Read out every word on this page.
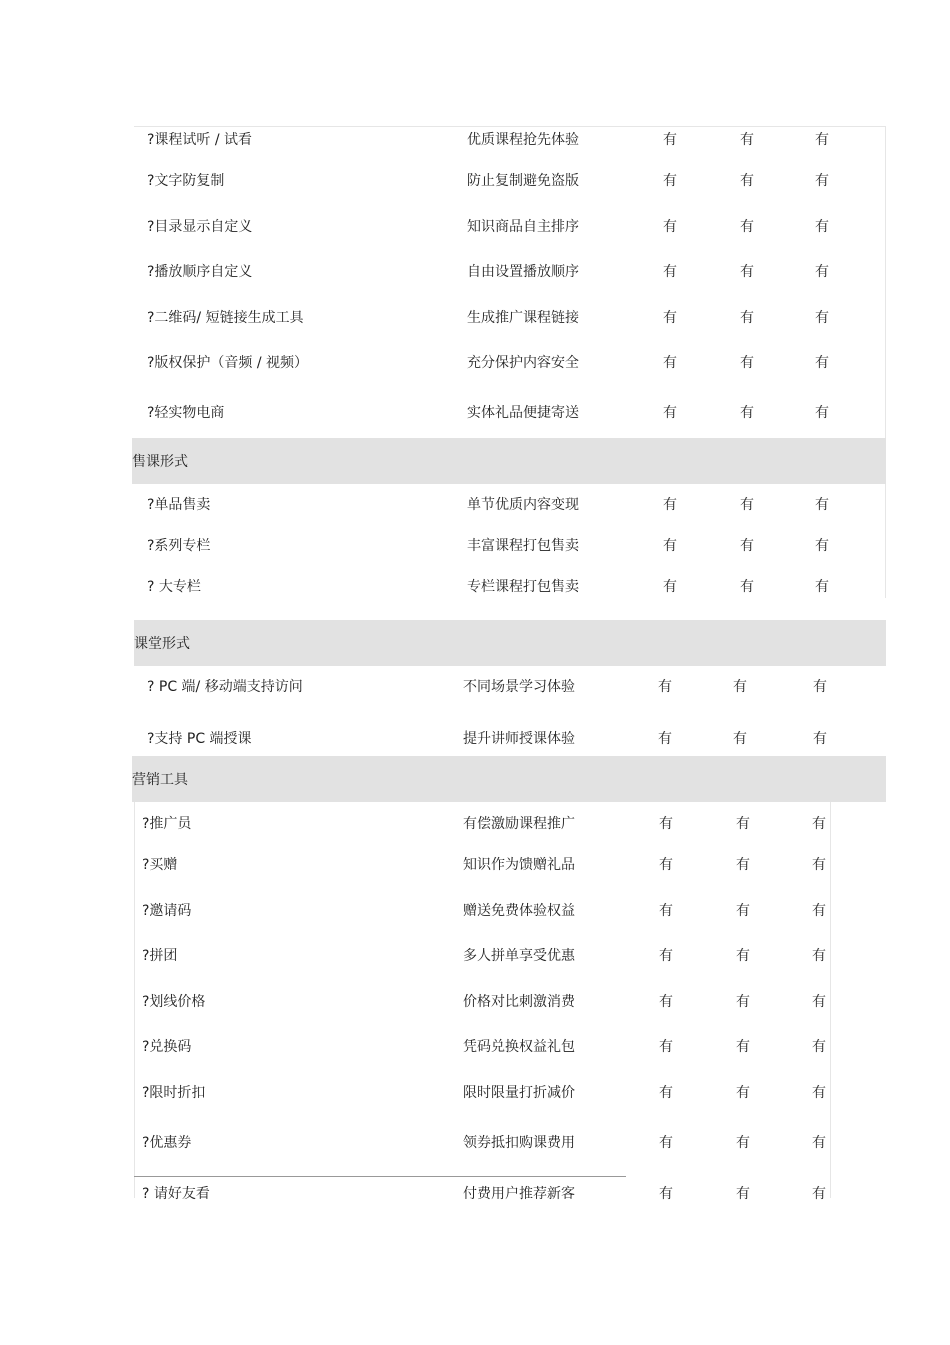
?课程试听 / 试看	优质课程抢先体验	有	有	有
?文字防复制	防止复制避免盗版	有	有	有
?目录显示自定义	知识商品自主排序	有	有	有
?播放顺序自定义	自由设置播放顺序	有	有	有
?二维码/ 短链接生成工具	生成推广课程链接	有	有	有
?版权保护（音频 / 视频）	充分保护内容安全	有	有	有
?轻实物电商	实体礼品便捷寄送	有	有	有
售课形式
?单品售卖	单节优质内容变现	有	有	有
?系列专栏	丰富课程打包售卖	有	有	有
? 大专栏	专栏课程打包售卖	有	有	有
课堂形式
? PC 端/ 移动端支持访问	不同场景学习体验	有	有	有
?支持 PC 端授课	提升讲师授课体验	有	有	有
营销工具
?推广员	有偿激励课程推广	有	有	有
?买赠	知识作为馈赠礼品	有	有	有
?邀请码	赠送免费体验权益	有	有	有
?拼团	多人拼单享受优惠	有	有	有
?划线价格	价格对比刺激消费	有	有	有
?兑换码	凭码兑换权益礼包	有	有	有
?限时折扣	限时限量打折减价	有	有	有
?优惠券	领券抵扣购课费用	有	有	有
? 请好友看	付费用户推荐新客	有	有	有
